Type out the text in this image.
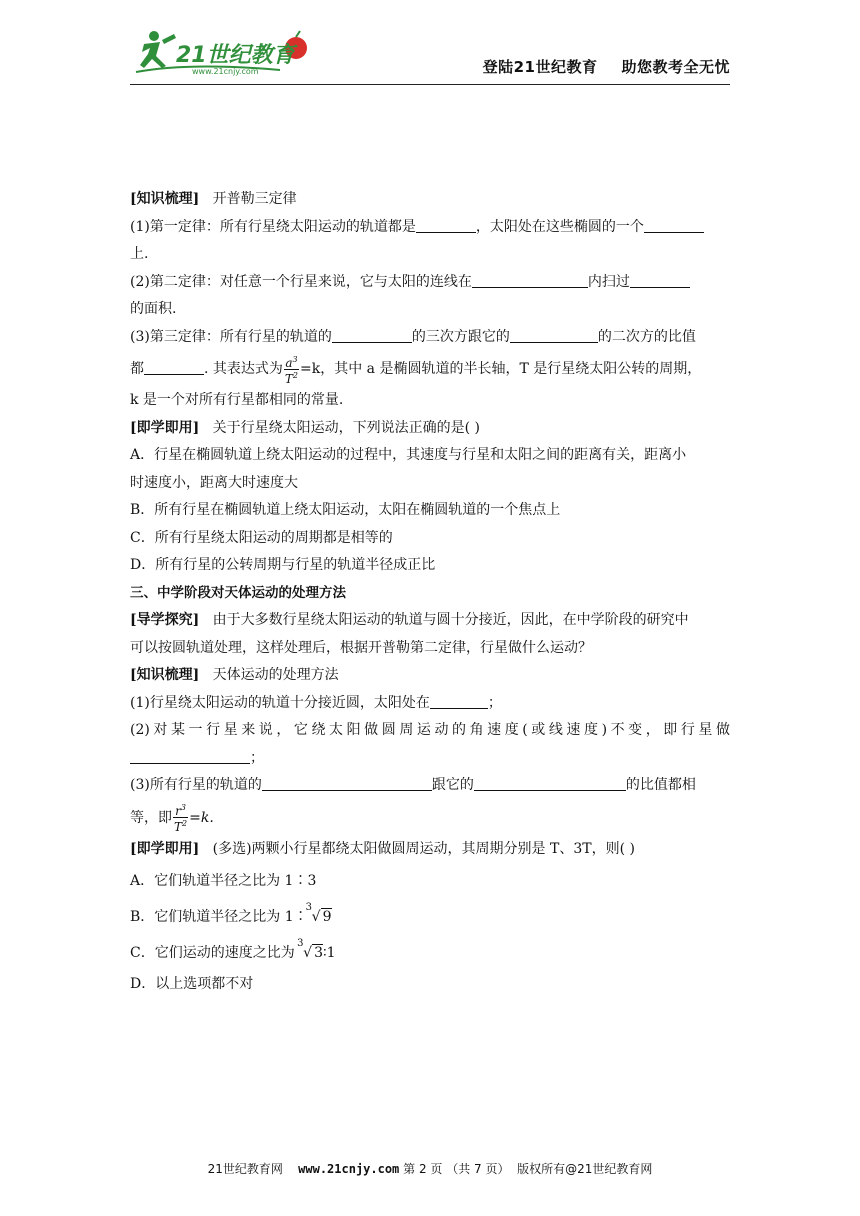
21世纪教育
www.21cnjy.com	登陆21世纪教育 助您教考全无忧
[知识梳理] 开普勒三定律
(1)第一定律：所有行星绕太阳运动的轨道都是	，太阳处在这些椭圆的一个
上.
(2)第二定律：对任意一个行星来说，它与太阳的连线在	内扫过
的面积.
(3)第三定律：所有行星的轨道的	的三次方跟它的	的二次方的比值
都	. 其表达式为 $\frac{a^3}{T^2} =k$，其中 a 是椭圆轨道的半长轴，T 是行星绕太阳公转的周期，
k 是一个对所有行星都相同的常量.
[即学即用] 关于行星绕太阳运动，下列说法正确的是( )
A．行星在椭圆轨道上绕太阳运动的过程中，其速度与行星和太阳之间的距离有关，距离小
时速度小，距离大时速度大
B．所有行星在椭圆轨道上绕太阳运动，太阳在椭圆轨道的一个焦点上
C．所有行星绕太阳运动的周期都是相等的
D．所有行星的公转周期与行星的轨道半径成正比
三、中学阶段对天体运动的处理方法
[导学探究] 由于大多数行星绕太阳运动的轨道与圆十分接近，因此，在中学阶段的研究中
可以按圆轨道处理，这样处理后，根据开普勒第二定律，行星做什么运动？
[知识梳理] 天体运动的处理方法
(1)行星绕太阳运动的轨道十分接近圆，太阳处在	；
(2)对某一行星来说，它绕太阳做圆周运动的角速度(或线速度)不变，即行星做
；
(3)所有行星的轨道的	跟它的	的比值都相
等，即 $\frac{r^3}{T^2} =k$.
[即学即用] (多选)两颗小行星都绕太阳做圆周运动，其周期分别是 T、3T，则( )
A．它们轨道半径之比为 1∶3
B．它们轨道半径之比为 1∶
3
√ 9
C．它们运动的速度之比为
3
√ 3∶1
D．以上选项都不对
21世纪教育网 www.21cnjy.com 第 2 页 （共 7 页） 版权所有@21世纪教育网
